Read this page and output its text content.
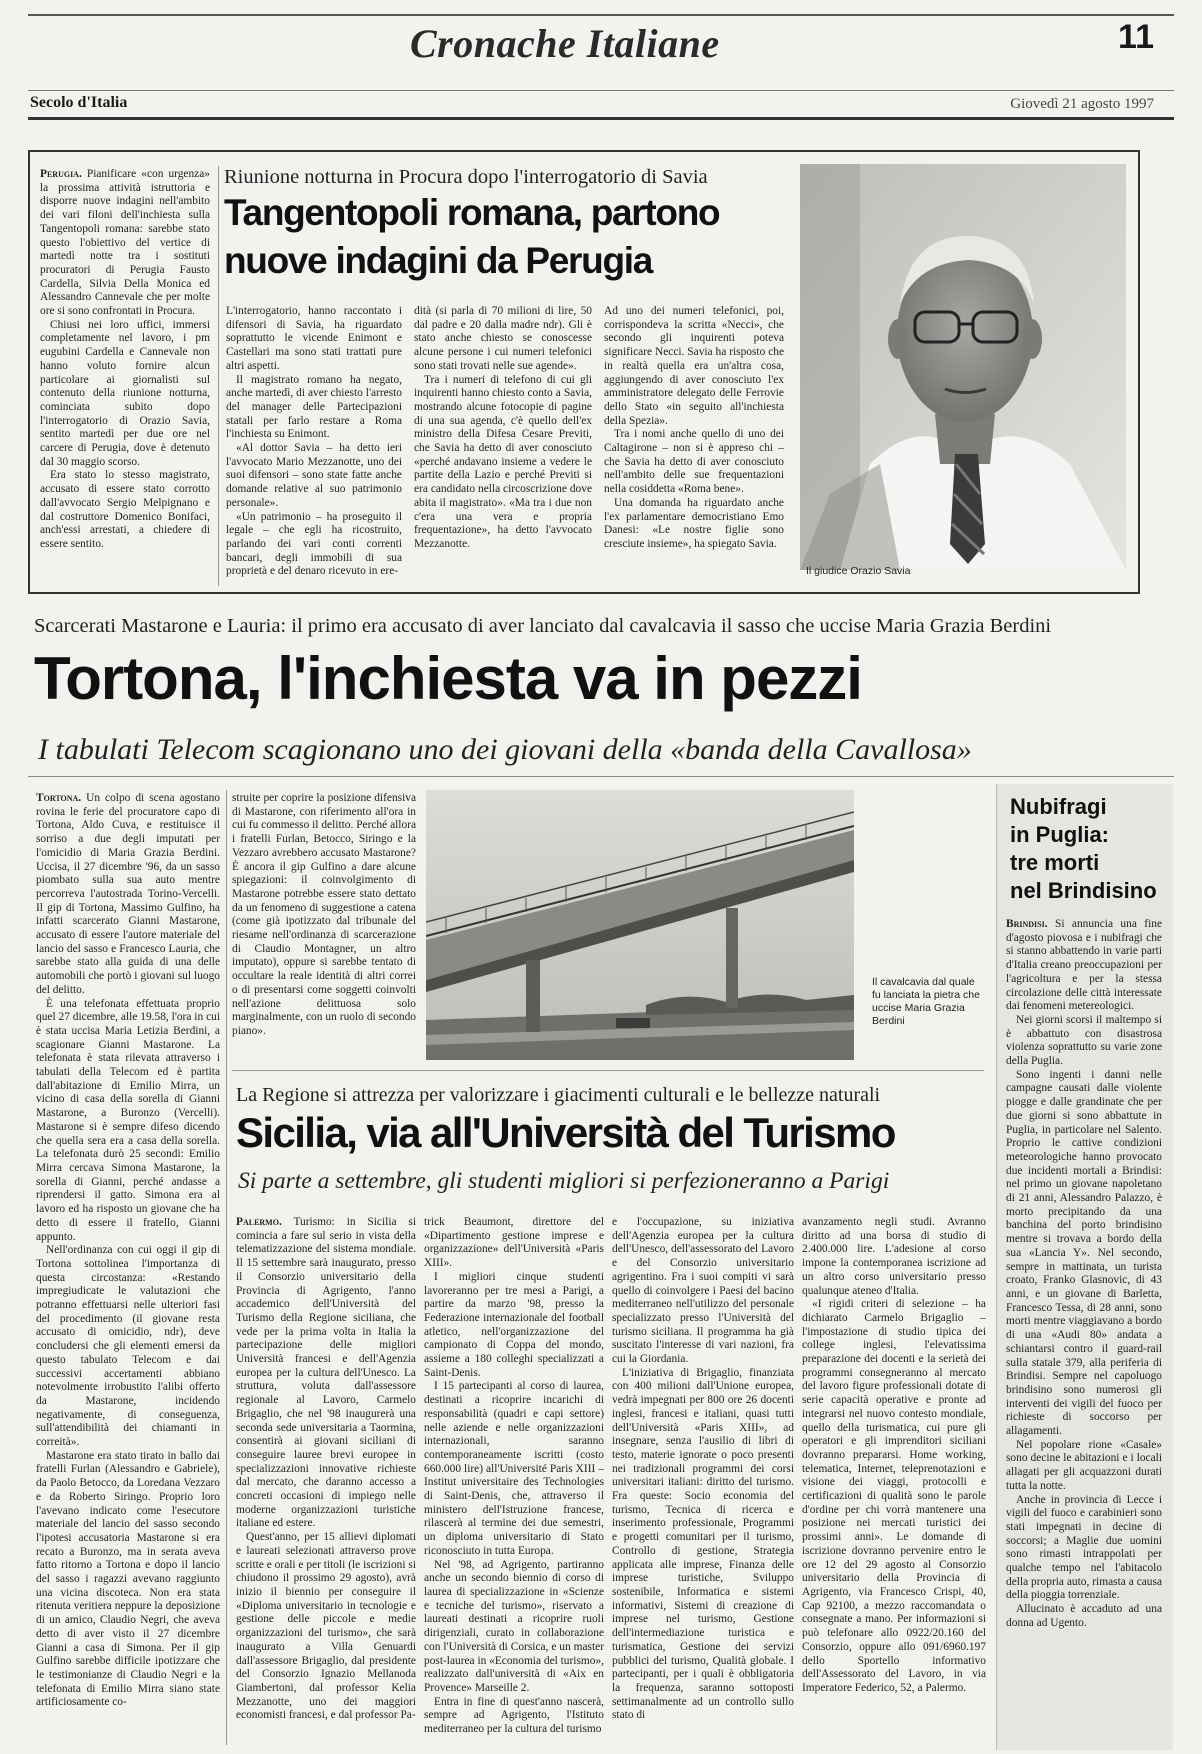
Cronache Italiane	11
Secolo d'Italia	Giovedì 21 agosto 1997

Perugia. Pianificare «con urgenza» la prossima attività istruttoria e disporre nuove indagini nell'ambito dei vari filoni dell'inchiesta sulla Tangentopoli romana: sarebbe stato questo l'obiettivo del vertice di martedì notte tra i sostituti procuratori di Perugia Fausto Cardella, Silvia Della Monica ed Alessandro Cannevale che per molte ore si sono confrontati in Procura.

Chiusi nei loro uffici, immersi completamente nel lavoro, i pm eugubini Cardella e Cannevale non hanno voluto fornire alcun particolare ai giornalisti sul contenuto della riunione notturna, cominciata subito dopo l'interrogatorio di Orazio Savia, sentito martedì per due ore nel carcere di Perugia, dove è detenuto dal 30 maggio scorso.

Era stato lo stesso magistrato, accusato di essere stato corrotto dall'avvocato Sergio Melpignano e dal costruttore Domenico Bonifaci, anch'essi arrestati, a chiedere di essere sentito.

Riunione notturna in Procura dopo l'interrogatorio di Savia
Tangentopoli romana, partono
nuove indagini da Perugia

L'interrogatorio, hanno raccontato i difensori di Savia, ha riguardato soprattutto le vicende Enimont e Castellari ma sono stati trattati pure altri aspetti.

Il magistrato romano ha negato, anche martedì, di aver chiesto l'arresto del manager delle Partecipazioni statali per farlo restare a Roma l'inchiesta su Enimont.

«Al dottor Savia – ha detto ieri l'avvocato Mario Mezzanotte, uno dei suoi difensori – sono state fatte anche domande relative al suo patrimonio personale».

«Un patrimonio – ha proseguito il legale – che egli ha ricostruito, parlando dei vari conti correnti bancari, degli immobili di sua proprietà e del denaro ricevuto in ere-

dità (si parla di 70 milioni di lire, 50 dal padre e 20 dalla madre ndr). Gli è stato anche chiesto se conoscesse alcune persone i cui numeri telefonici sono stati trovati nelle sue agende».

Tra i numeri di telefono di cui gli inquirenti hanno chiesto conto a Savia, mostrando alcune fotocopie di pagine di una sua agenda, c'è quello dell'ex ministro della Difesa Cesare Previti, che Savia ha detto di aver conosciuto «perché andavano insieme a vedere le partite della Lazio e perché Previti si era candidato nella circoscrizione dove abita il magistrato». «Ma tra i due non c'era una vera e propria frequentazione», ha detto l'avvocato Mezzanotte.

Ad uno dei numeri telefonici, poi, corrispondeva la scritta «Necci», che secondo gli inquirenti poteva significare Necci. Savia ha risposto che in realtà quella era un'altra cosa, aggiungendo di aver conosciuto l'ex amministratore delegato delle Ferrovie dello Stato «in seguito all'inchiesta della Spezia».

Tra i nomi anche quello di uno dei Caltagirone – non si è appreso chi – che Savia ha detto di aver conosciuto nell'ambito delle sue frequentazioni nella cosiddetta «Roma bene».

Una domanda ha riguardato anche l'ex parlamentare democristiano Emo Danesi: «Le nostre figlie sono cresciute insieme», ha spiegato Savia.

Il giudice Orazio Savia
Scarcerati Mastarone e Lauria: il primo era accusato di aver lanciato dal cavalcavia il sasso che uccise Maria Grazia Berdini
Tortona, l'inchiesta va in pezzi
I tabulati Telecom scagionano uno dei giovani della «banda della Cavallosa»

Tortona. Un colpo di scena agostano rovina le ferie del procuratore capo di Tortona, Aldo Cuva, e restituisce il sorriso a due degli imputati per l'omicidio di Maria Grazia Berdini. Uccisa, il 27 dicembre '96, da un sasso piombato sulla sua auto mentre percorreva l'autostrada Torino-Vercelli. Il gip di Tortona, Massimo Gulfino, ha infatti scarcerato Gianni Mastarone, accusato di essere l'autore materiale del lancio del sasso e Francesco Lauria, che sarebbe stato alla guida di una delle automobili che portò i giovani sul luogo del delitto.

È una telefonata effettuata proprio quel 27 dicembre, alle 19.58, l'ora in cui è stata uccisa Maria Letizia Berdini, a scagionare Gianni Mastarone. La telefonata è stata rilevata attraverso i tabulati della Telecom ed è partita dall'abitazione di Emilio Mirra, un vicino di casa della sorella di Gianni Mastarone, a Buronzo (Vercelli). Mastarone si è sempre difeso dicendo che quella sera era a casa della sorella. La telefonata durò 25 secondi: Emilio Mirra cercava Simona Mastarone, la sorella di Gianni, perché andasse a riprendersi il gatto. Simona era al lavoro ed ha risposto un giovane che ha detto di essere il fratello, Gianni appunto.

Nell'ordinanza con cui oggi il gip di Tortona sottolinea l'importanza di questa circostanza: «Restando impregiudicate le valutazioni che potranno effettuarsi nelle ulteriori fasi del procedimento (il giovane resta accusato di omicidio, ndr), deve concludersi che gli elementi emersi da questo tabulato Telecom e dai successivi accertamenti abbiano notevolmente irrobustito l'alibi offerto da Mastarone, incidendo negativamente, di conseguenza, sull'attendibilità dei chiamanti in correità».

Mastarone era stato tirato in ballo dai fratelli Furlan (Alessandro e Gabriele), da Paolo Betocco, da Loredana Vezzaro e da Roberto Siringo. Proprio loro l'avevano indicato come l'esecutore materiale del lancio del sasso secondo l'ipotesi accusatoria Mastarone si era recato a Buronzo, ma in serata aveva fatto ritorno a Tortona e dopo il lancio del sasso i ragazzi avevano raggiunto una vicina discoteca. Non era stata ritenuta veritiera neppure la deposizione di un amico, Claudio Negri, che aveva detto di aver visto il 27 dicembre Gianni a casa di Simona. Per il gip Gulfino sarebbe difficile ipotizzare che le testimonianze di Claudio Negri e la telefonata di Emilio Mirra siano state artificiosamente co-

struite per coprire la posizione difensiva di Mastarone, con riferimento all'ora in cui fu commesso il delitto. Perché allora i fratelli Furlan, Betocco, Siringo e la Vezzaro avrebbero accusato Mastarone? È ancora il gip Gulfino a dare alcune spiegazioni: il coinvolgimento di Mastarone potrebbe essere stato dettato da un fenomeno di suggestione a catena (come già ipotizzato dal tribunale del riesame nell'ordinanza di scarcerazione di Claudio Montagner, un altro imputato), oppure si sarebbe tentato di occultare la reale identità di altri correi o di presentarsi come soggetti coinvolti nell'azione delittuosa solo marginalmente, con un ruolo di secondo piano».

Il cavalcavia dal quale fu lanciata la pietra che uccise Maria Grazia Berdini
La Regione si attrezza per valorizzare i giacimenti culturali e le bellezze naturali
Sicilia, via all'Università del Turismo
Si parte a settembre, gli studenti migliori si perfezioneranno a Parigi

Palermo. Turismo: in Sicilia si comincia a fare sul serio in vista della telematizzazione del sistema mondiale. Il 15 settembre sarà inaugurato, presso il Consorzio universitario della Provincia di Agrigento, l'anno accademico dell'Università del Turismo della Regione siciliana, che vede per la prima volta in Italia la partecipazione delle migliori Università francesi e dell'Agenzia europea per la cultura dell'Unesco. La struttura, voluta dall'assessore regionale al Lavoro, Carmelo Brigaglio, che nel '98 inaugurerà una seconda sede universitaria a Taormina, consentirà ai giovani siciliani di conseguire lauree brevi europee in specializzazioni innovative richieste dal mercato, che daranno accesso a concreti occasioni di impiego nelle moderne organizzazioni turistiche italiane ed estere.

Quest'anno, per 15 allievi diplomati e laureati selezionati attraverso prove scritte e orali e per titoli (le iscrizioni si chiudono il prossimo 29 agosto), avrà inizio il biennio per conseguire il «Diploma universitario in tecnologie e gestione delle piccole e medie organizzazioni del turismo», che sarà inaugurato a Villa Genuardi dall'assessore Brigaglio, dal presidente del Consorzio Ignazio Mellanoda Giambertoni, dal professor Kelia Mezzanotte, uno dei maggiori economisti francesi, e dal professor Pa-

trick Beaumont, direttore del «Dipartimento gestione imprese e organizzazione» dell'Università «Paris XIII».

I migliori cinque studenti lavoreranno per tre mesi a Parigi, a partire da marzo '98, presso la Federazione internazionale del football atletico, nell'organizzazione del campionato di Coppa del mondo, assieme a 180 colleghi specializzati a Saint-Denis.

I 15 partecipanti al corso di laurea, destinati a ricoprire incarichi di responsabilità (quadri e capi settore) nelle aziende e nelle organizzazioni internazionali, saranno contemporaneamente iscritti (costo 660.000 lire) all'Université Paris XIII – Institut universitaire des Technologies di Saint-Denis, che, attraverso il ministero dell'Istruzione francese, rilascerà al termine dei due semestri, un diploma universitario di Stato riconosciuto in tutta Europa.

Nel '98, ad Agrigento, partiranno anche un secondo biennio di corso di laurea di specializzazione in «Scienze e tecniche del turismo», riservato a laureati destinati a ricoprire ruoli dirigenziali, curato in collaborazione con l'Università di Corsica, e un master post-laurea in «Economia del turismo», realizzato dall'università di «Aix en Provence» Marseille 2.

Entra in fine di quest'anno nascerà, sempre ad Agrigento, l'Istituto mediterraneo per la cultura del turismo

e l'occupazione, su iniziativa dell'Agenzia europea per la cultura dell'Unesco, dell'assessorato del Lavoro e del Consorzio universitario agrigentino. Fra i suoi compiti vi sarà quello di coinvolgere i Paesi del bacino mediterraneo nell'utilizzo del personale specializzato presso l'Università del turismo siciliana. Il programma ha già suscitato l'interesse di vari nazioni, fra cui la Giordania.

L'iniziativa di Brigaglio, finanziata con 400 milioni dall'Unione europea, vedrà impegnati per 800 ore 26 docenti inglesi, francesi e italiani, quasi tutti dell'Università «Paris XIII», ad insegnare, senza l'ausilio di libri di testo, materie ignorate o poco presenti nei tradizionali programmi dei corsi universitari italiani: diritto del turismo. Fra queste: Socio economia del turismo, Tecnica di ricerca e inserimento professionale, Programmi e progetti comunitari per il turismo, Controllo di gestione, Strategia applicata alle imprese, Finanza delle imprese turistiche, Sviluppo sostenibile, Informatica e sistemi informativi, Sistemi di creazione di imprese nel turismo, Gestione dell'intermediazione turistica e turismatica, Gestione dei servizi pubblici del turismo, Qualità globale. I partecipanti, per i quali è obbligatoria la frequenza, saranno sottoposti settimanalmente ad un controllo sullo stato di

avanzamento negli studi. Avranno diritto ad una borsa di studio di 2.400.000 lire. L'adesione al corso impone la contemporanea iscrizione ad un altro corso universitario presso qualunque ateneo d'Italia.

«I rigidi criteri di selezione – ha dichiarato Carmelo Brigaglio – l'impostazione di studio tipica dei college inglesi, l'elevatissima preparazione dei docenti e la serietà dei programmi consegneranno al mercato del lavoro figure professionali dotate di serie capacità operative e pronte ad integrarsi nel nuovo contesto mondiale, quello della turismatica, cui pure gli operatori e gli imprenditori siciliani dovranno prepararsi. Home working, telematica, Internet, teleprenotazioni e visione dei viaggi, protocolli e certificazioni di qualità sono le parole d'ordine per chi vorrà mantenere una posizione nei mercati turistici dei prossimi anni». Le domande di iscrizione dovranno pervenire entro le ore 12 del 29 agosto al Consorzio universitario della Provincia di Agrigento, via Francesco Crispi, 40, Cap 92100, a mezzo raccomandata o consegnate a mano. Per informazioni si può telefonare allo 0922/20.160 del Consorzio, oppure allo 091/6960.197 dello Sportello informativo dell'Assessorato del Lavoro, in via Imperatore Federico, 52, a Palermo.

Nubifragi
in Puglia:
tre morti
nel Brindisino

Brindisi. Si annuncia una fine d'agosto piovosa e i nubifragi che si stanno abbattendo in varie parti d'Italia creano preoccupazioni per l'agricoltura e per la stessa circolazione delle città interessate dai fenomeni metereologici.

Nei giorni scorsi il maltempo si è abbattuto con disastrosa violenza soprattutto su varie zone della Puglia.

Sono ingenti i danni nelle campagne causati dalle violente piogge e dalle grandinate che per due giorni si sono abbattute in Puglia, in particolare nel Salento. Proprio le cattive condizioni meteorologiche hanno provocato due incidenti mortali a Brindisi: nel primo un giovane napoletano di 21 anni, Alessandro Palazzo, è morto precipitando da una banchina del porto brindisino mentre si trovava a bordo della sua «Lancia Y». Nel secondo, sempre in mattinata, un turista croato, Franko Glasnovic, di 43 anni, e un giovane di Barletta, Francesco Tessa, di 28 anni, sono morti mentre viaggiavano a bordo di una «Audi 80» andata a schiantarsi contro il guard-rail sulla statale 379, alla periferia di Brindisi. Sempre nel capoluogo brindisino sono numerosi gli interventi dei vigili del fuoco per richieste di soccorso per allagamenti.

Nel popolare rione «Casale» sono decine le abitazioni e i locali allagati per gli acquazzoni durati tutta la notte.

Anche in provincia di Lecce i vigili del fuoco e carabinieri sono stati impegnati in decine di soccorsi; a Maglie due uomini sono rimasti intrappolati per qualche tempo nel l'abitacolo della propria auto, rimasta a causa della pioggia torrenziale.

Allucinato è accaduto ad una donna ad Ugento.
